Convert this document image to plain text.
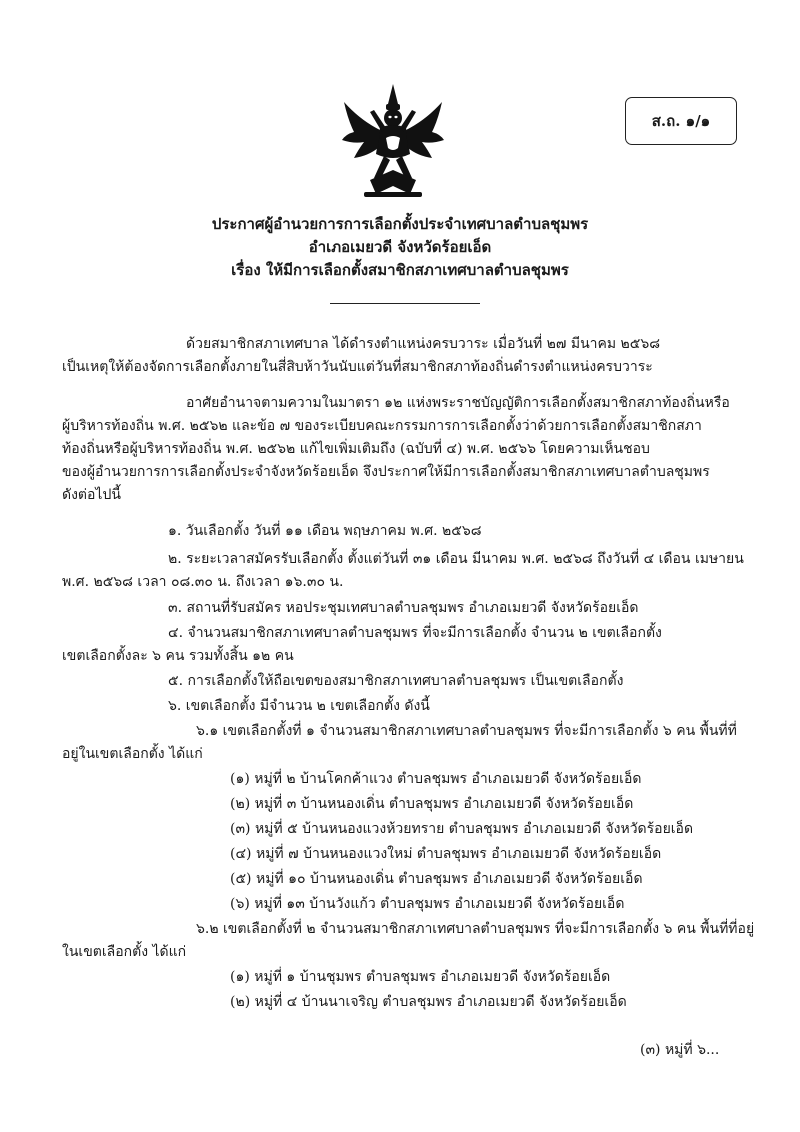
ส.ถ. ๑/๑
ประกาศผู้อำนวยการการเลือกตั้งประจำเทศบาลตำบลชุมพร
อำเภอเมยวดี จังหวัดร้อยเอ็ด
เรื่อง ให้มีการเลือกตั้งสมาชิกสภาเทศบาลตำบลชุมพร
ด้วยสมาชิกสภาเทศบาล ได้ดำรงตำแหน่งครบวาระ เมื่อวันที่ ๒๗ มีนาคม ๒๕๖๘
เป็นเหตุให้ต้องจัดการเลือกตั้งภายในสี่สิบห้าวันนับแต่วันที่สมาชิกสภาท้องถิ่นดำรงตำแหน่งครบวาระ
อาศัยอำนาจตามความในมาตรา ๑๒ แห่งพระราชบัญญัติการเลือกตั้งสมาชิกสภาท้องถิ่นหรือ
ผู้บริหารท้องถิ่น พ.ศ. ๒๕๖๒ และข้อ ๗ ของระเบียบคณะกรรมการการเลือกตั้งว่าด้วยการเลือกตั้งสมาชิกสภา
ท้องถิ่นหรือผู้บริหารท้องถิ่น พ.ศ. ๒๕๖๒ แก้ไขเพิ่มเติมถึง (ฉบับที่ ๔) พ.ศ. ๒๕๖๖ โดยความเห็นชอบ
ของผู้อำนวยการการเลือกตั้งประจำจังหวัดร้อยเอ็ด จึงประกาศให้มีการเลือกตั้งสมาชิกสภาเทศบาลตำบลชุมพร
ดังต่อไปนี้
๑. วันเลือกตั้ง วันที่ ๑๑ เดือน พฤษภาคม พ.ศ. ๒๕๖๘
๒. ระยะเวลาสมัครรับเลือกตั้ง ตั้งแต่วันที่ ๓๑ เดือน มีนาคม พ.ศ. ๒๕๖๘ ถึงวันที่ ๔ เดือน เมษายน
พ.ศ. ๒๕๖๘ เวลา ๐๘.๓๐ น. ถึงเวลา ๑๖.๓๐ น.
๓. สถานที่รับสมัคร หอประชุมเทศบาลตำบลชุมพร อำเภอเมยวดี จังหวัดร้อยเอ็ด
๔. จำนวนสมาชิกสภาเทศบาลตำบลชุมพร ที่จะมีการเลือกตั้ง จำนวน ๒ เขตเลือกตั้ง
เขตเลือกตั้งละ ๖ คน รวมทั้งสิ้น ๑๒ คน
๕. การเลือกตั้งให้ถือเขตของสมาชิกสภาเทศบาลตำบลชุมพร เป็นเขตเลือกตั้ง
๖. เขตเลือกตั้ง มีจำนวน ๒ เขตเลือกตั้ง ดังนี้
๖.๑ เขตเลือกตั้งที่ ๑ จำนวนสมาชิกสภาเทศบาลตำบลชุมพร ที่จะมีการเลือกตั้ง ๖ คน พื้นที่ที่
อยู่ในเขตเลือกตั้ง ได้แก่
(๑) หมู่ที่ ๒ บ้านโคกค้าแวง ตำบลชุมพร อำเภอเมยวดี จังหวัดร้อยเอ็ด
(๒) หมู่ที่ ๓ บ้านหนองเดิ่น ตำบลชุมพร อำเภอเมยวดี จังหวัดร้อยเอ็ด
(๓) หมู่ที่ ๕ บ้านหนองแวงห้วยทราย ตำบลชุมพร อำเภอเมยวดี จังหวัดร้อยเอ็ด
(๔) หมู่ที่ ๗ บ้านหนองแวงใหม่ ตำบลชุมพร อำเภอเมยวดี จังหวัดร้อยเอ็ด
(๕) หมู่ที่ ๑๐ บ้านหนองเดิ่น ตำบลชุมพร อำเภอเมยวดี จังหวัดร้อยเอ็ด
(๖) หมู่ที่ ๑๓ บ้านวังแก้ว ตำบลชุมพร อำเภอเมยวดี จังหวัดร้อยเอ็ด
๖.๒ เขตเลือกตั้งที่ ๒ จำนวนสมาชิกสภาเทศบาลตำบลชุมพร ที่จะมีการเลือกตั้ง ๖ คน พื้นที่ที่อยู่
ในเขตเลือกตั้ง ได้แก่
(๑) หมู่ที่ ๑ บ้านชุมพร ตำบลชุมพร อำเภอเมยวดี จังหวัดร้อยเอ็ด
(๒) หมู่ที่ ๔ บ้านนาเจริญ ตำบลชุมพร อำเภอเมยวดี จังหวัดร้อยเอ็ด
(๓) หมู่ที่ ๖...
